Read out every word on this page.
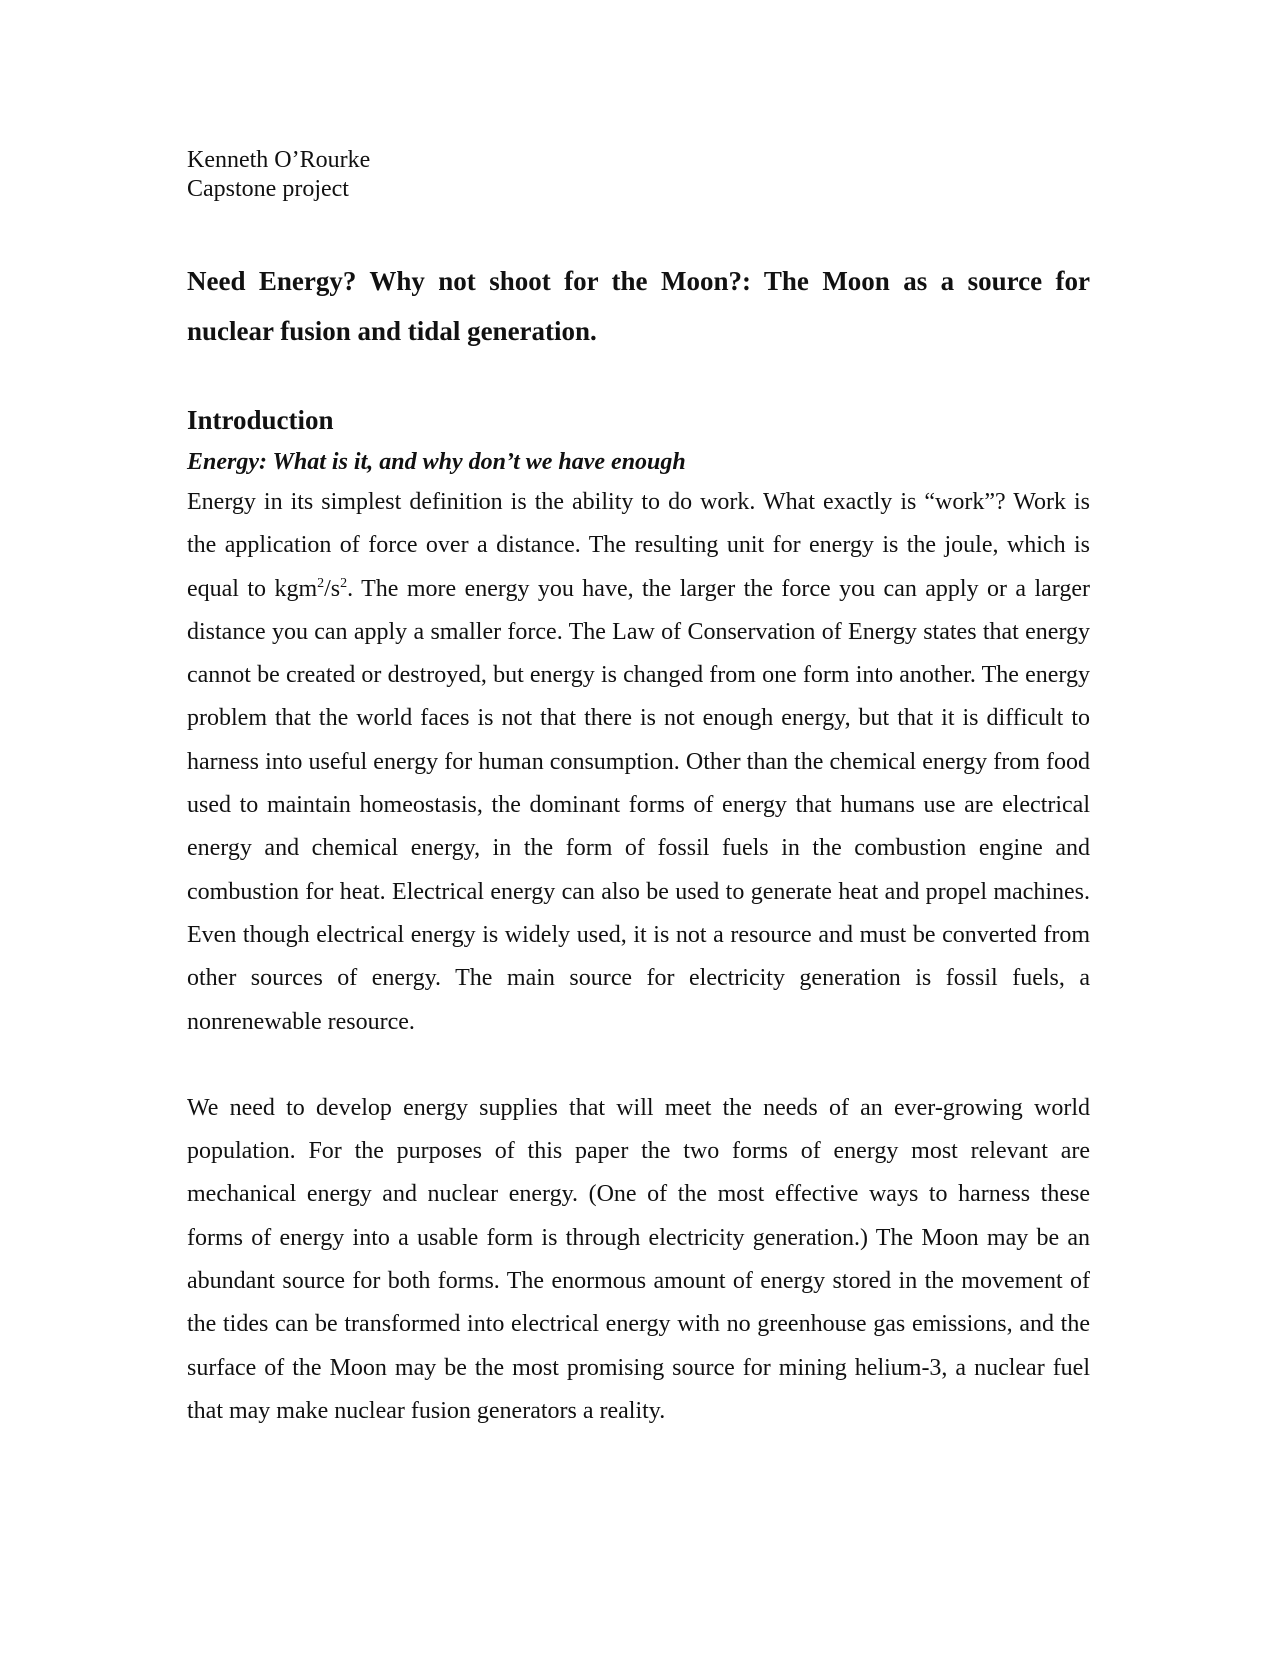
Kenneth O’Rourke
Capstone project
Need Energy? Why not shoot for the Moon?: The Moon as a source for nuclear fusion and tidal generation.
Introduction
Energy: What is it, and why don’t we have enough

Energy in its simplest definition is the ability to do work. What exactly is “work”? Work is the application of force over a distance. The resulting unit for energy is the joule, which is equal to $kgm^2/s^2$. The more energy you have, the larger the force you can apply or a larger distance you can apply a smaller force. The Law of Conservation of Energy states that energy cannot be created or destroyed, but energy is changed from one form into another. The energy problem that the world faces is not that there is not enough energy, but that it is difficult to harness into useful energy for human consumption. Other than the chemical energy from food used to maintain homeostasis, the dominant forms of energy that humans use are electrical energy and chemical energy, in the form of fossil fuels in the combustion engine and combustion for heat. Electrical energy can also be used to generate heat and propel machines. Even though electrical energy is widely used, it is not a resource and must be converted from other sources of energy. The main source for electricity generation is fossil fuels, a nonrenewable resource.

We need to develop energy supplies that will meet the needs of an ever-growing world population. For the purposes of this paper the two forms of energy most relevant are mechanical energy and nuclear energy. (One of the most effective ways to harness these forms of energy into a usable form is through electricity generation.) The Moon may be an abundant source for both forms. The enormous amount of energy stored in the movement of the tides can be transformed into electrical energy with no greenhouse gas emissions, and the surface of the Moon may be the most promising source for mining helium-3, a nuclear fuel that may make nuclear fusion generators a reality.
